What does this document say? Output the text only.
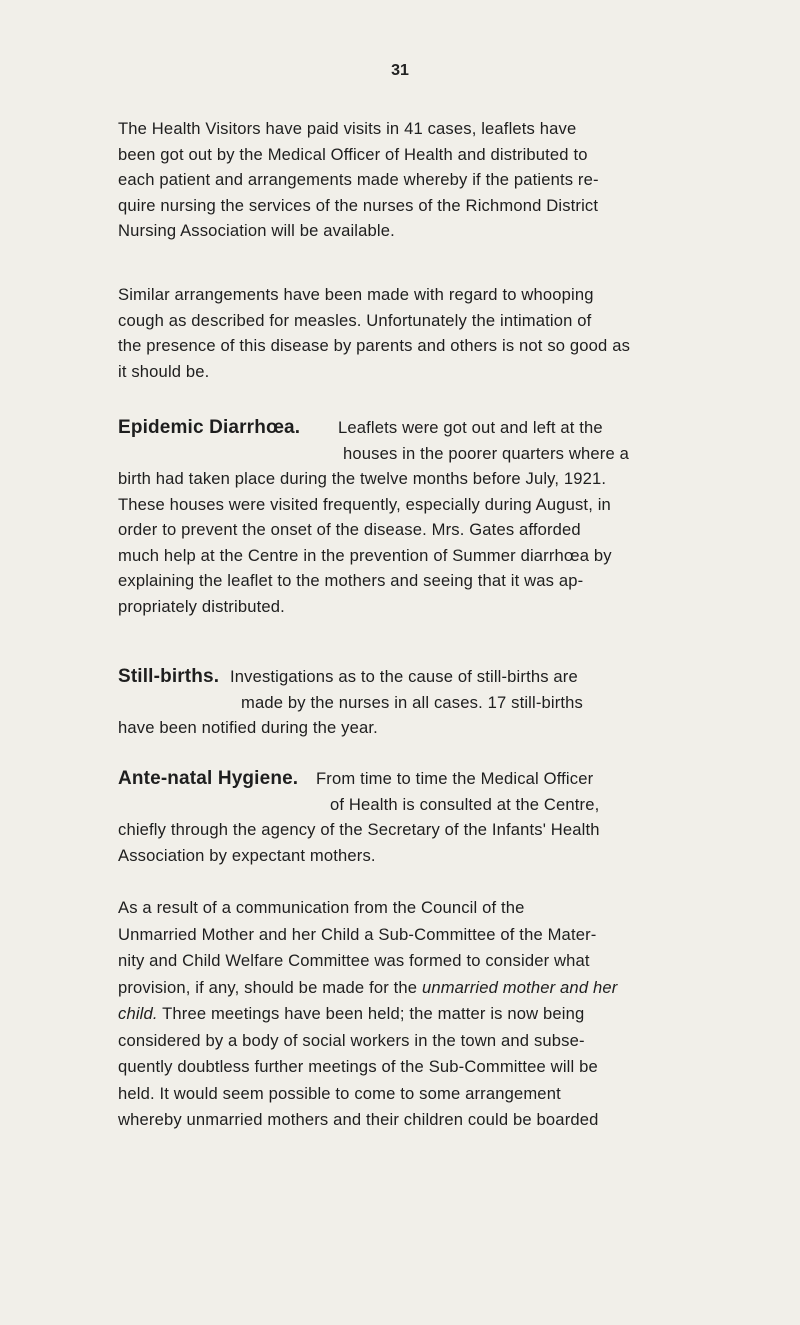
31
The Health Visitors have paid visits in 41 cases, leaflets have
been got out by the Medical Officer of Health and distributed to
each patient and arrangements made whereby if the patients re-
quire nursing the services of the nurses of the Richmond District
Nursing Association will be available.
Similar arrangements have been made with regard to whooping
cough as described for measles. Unfortunately the intimation of
the presence of this disease by parents and others is not so good as
it should be.
Epidemic Diarrhœa.	Leaflets were got out and left at the
houses in the poorer quarters where a
birth had taken place during the twelve months before July, 1921.
These houses were visited frequently, especially during August, in
order to prevent the onset of the disease. Mrs. Gates afforded
much help at the Centre in the prevention of Summer diarrhœa by
explaining the leaflet to the mothers and seeing that it was ap-
propriately distributed.
Still-births. Investigations as to the cause of still-births are
made by the nurses in all cases. 17 still-births
have been notified during the year.
Ante-natal Hygiene.	From time to time the Medical Officer
of Health is consulted at the Centre,
chiefly through the agency of the Secretary of the Infants' Health
Association by expectant mothers.
As a result of a communication from the Council of the
Unmarried Mother and her Child a Sub-Committee of the Mater-
nity and Child Welfare Committee was formed to consider what
provision, if any, should be made for the unmarried mother and her
child. Three meetings have been held; the matter is now being
considered by a body of social workers in the town and subse-
quently doubtless further meetings of the Sub-Committee will be
held. It would seem possible to come to some arrangement
whereby unmarried mothers and their children could be boarded
